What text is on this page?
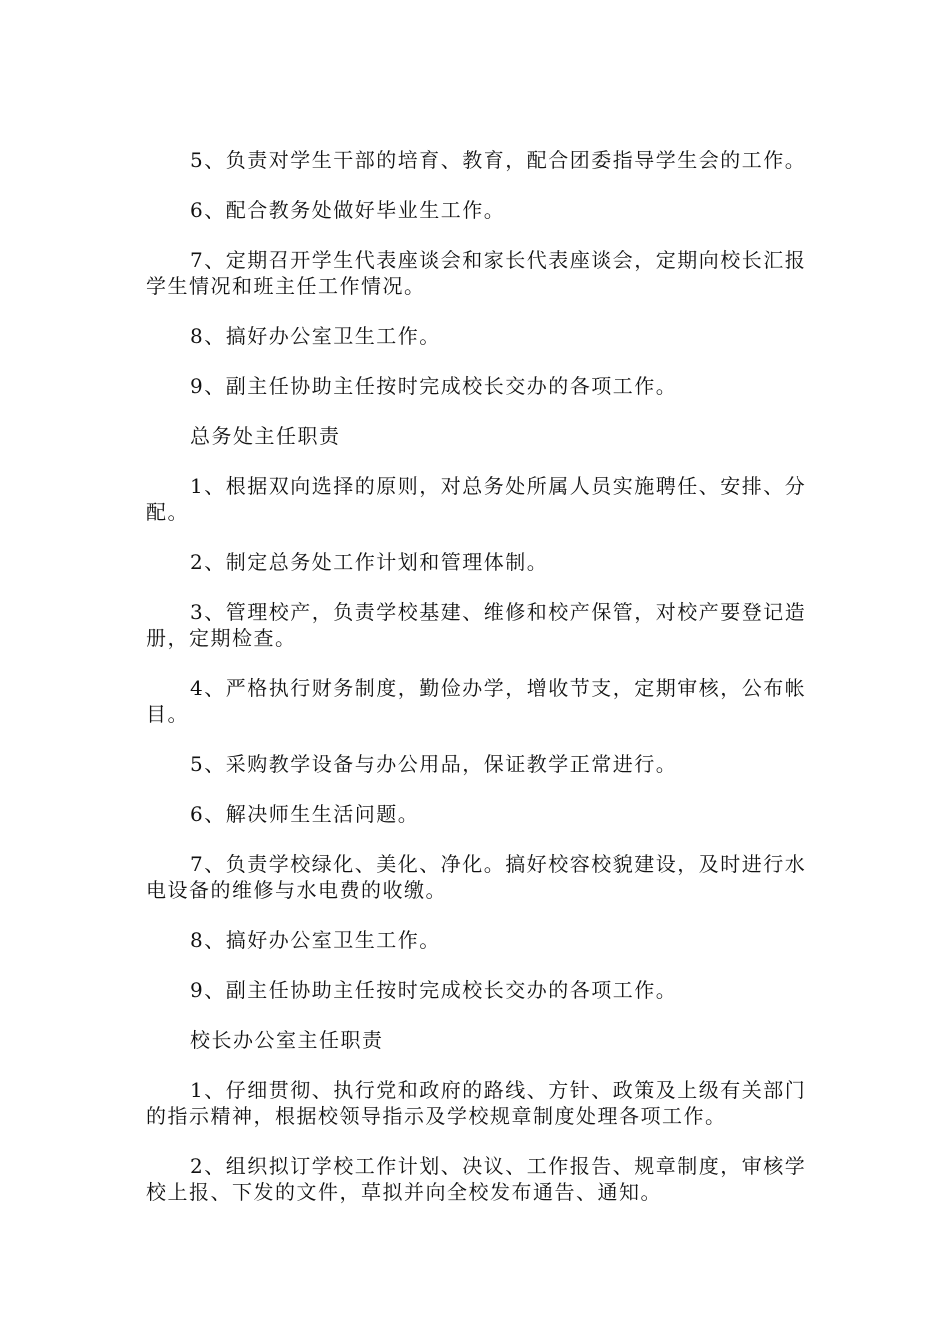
5、负责对学生干部的培育、教育，配合团委指导学生会的工作。

6、配合教务处做好毕业生工作。

7、定期召开学生代表座谈会和家长代表座谈会，定期向校长汇报学生情况和班主任工作情况。

8、搞好办公室卫生工作。

9、副主任协助主任按时完成校长交办的各项工作。

总务处主任职责

1、根据双向选择的原则，对总务处所属人员实施聘任、安排、分配。

2、制定总务处工作计划和管理体制。

3、管理校产，负责学校基建、维修和校产保管，对校产要登记造册，定期检查。

4、严格执行财务制度，勤俭办学，增收节支，定期审核，公布帐目。

5、采购教学设备与办公用品，保证教学正常进行。

6、解决师生生活问题。

7、负责学校绿化、美化、净化。搞好校容校貌建设，及时进行水电设备的维修与水电费的收缴。

8、搞好办公室卫生工作。

9、副主任协助主任按时完成校长交办的各项工作。

校长办公室主任职责

1、仔细贯彻、执行党和政府的路线、方针、政策及上级有关部门的指示精神，根据校领导指示及学校规章制度处理各项工作。

2、组织拟订学校工作计划、决议、工作报告、规章制度，审核学校上报、下发的文件，草拟并向全校发布通告、通知。
